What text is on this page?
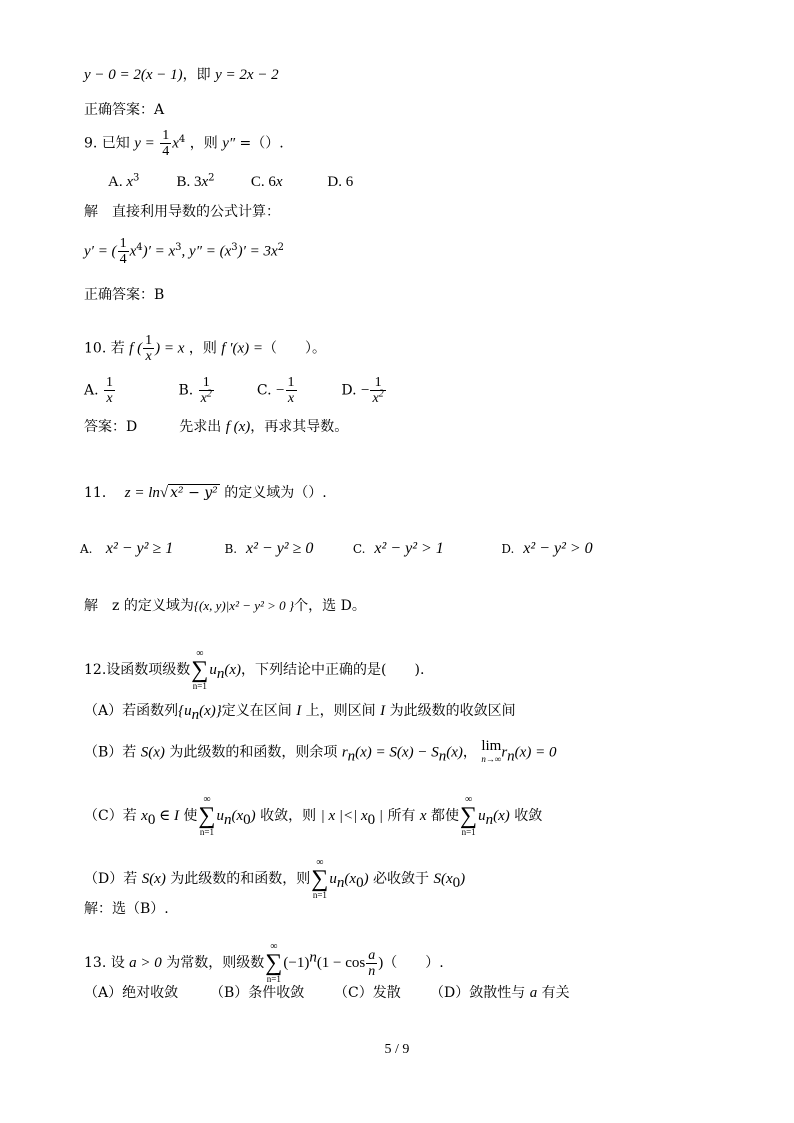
y − 0 = 2(x − 1)，即 y = 2x − 2
正确答案：A
9. 已知 $y = \frac{1}{4} x^4$ ，则 y″ =（）.
A. $x^3$ B. $3x^2$ C. 6x	D. 6
解　直接利用导数的公式计算：
y′ = ( $\frac{1}{4} x^4)' = x^3$, $y'' = (x^3)' = 3x^2$
正确答案：B
10. 若 f ( $\frac{1}{x}$ ) = x ，则 f ′(x) =（　　）。
A. $\frac{1}{x}$	B. $\frac{1}{x^2}$	C. − $\frac{1}{x}$	D. − $\frac{1}{x^2}$
答案：D　　　先求出 f (x)，再求其导数。
11． z = ln√ x² − y² 的定义域为（）.
A. x² − y² ≥ 1	B. x² − y² ≥ 0	C. x² − y² > 1	D. x² − y² > 0
解　z 的定义域为{(x, y)|x² − y² > 0 }个，选 D。
12.设函数项级数
∞
∑
n=1
$u_n(x)$，下列结论中正确的是(　　).
（A）若函数列$\{u_n(x)\}$定义在区间 I 上，则区间 I 为此级数的收敛区间
（B）若 S(x) 为此级数的和函数，则余项 $r_n(x) = S(x) - S_n(x)$， lim
n→∞ $r_n(x) = 0$
（C）若 $x_0$ ∈ I 使
∞
∑
n=1
$u_n(x_0)$ 收敛，则 | x |<| $x_0$ | 所有 x 都使
∞
∑
n=1
$u_n(x)$ 收敛
（D）若 S(x) 为此级数的和函数，则
∞
∑
n=1
$u_n(x_0)$ 必收敛于 $S(x_0)$
解：选（B）.
13. 设 a > 0 为常数，则级数
∞
∑
n=1
$(-1)^n(1 - \cos \frac{a}{n}$ )（　　）.
（A）绝对收敛 （B）条件收敛 （C）发散 （D）敛散性与 a 有关
5 / 9
